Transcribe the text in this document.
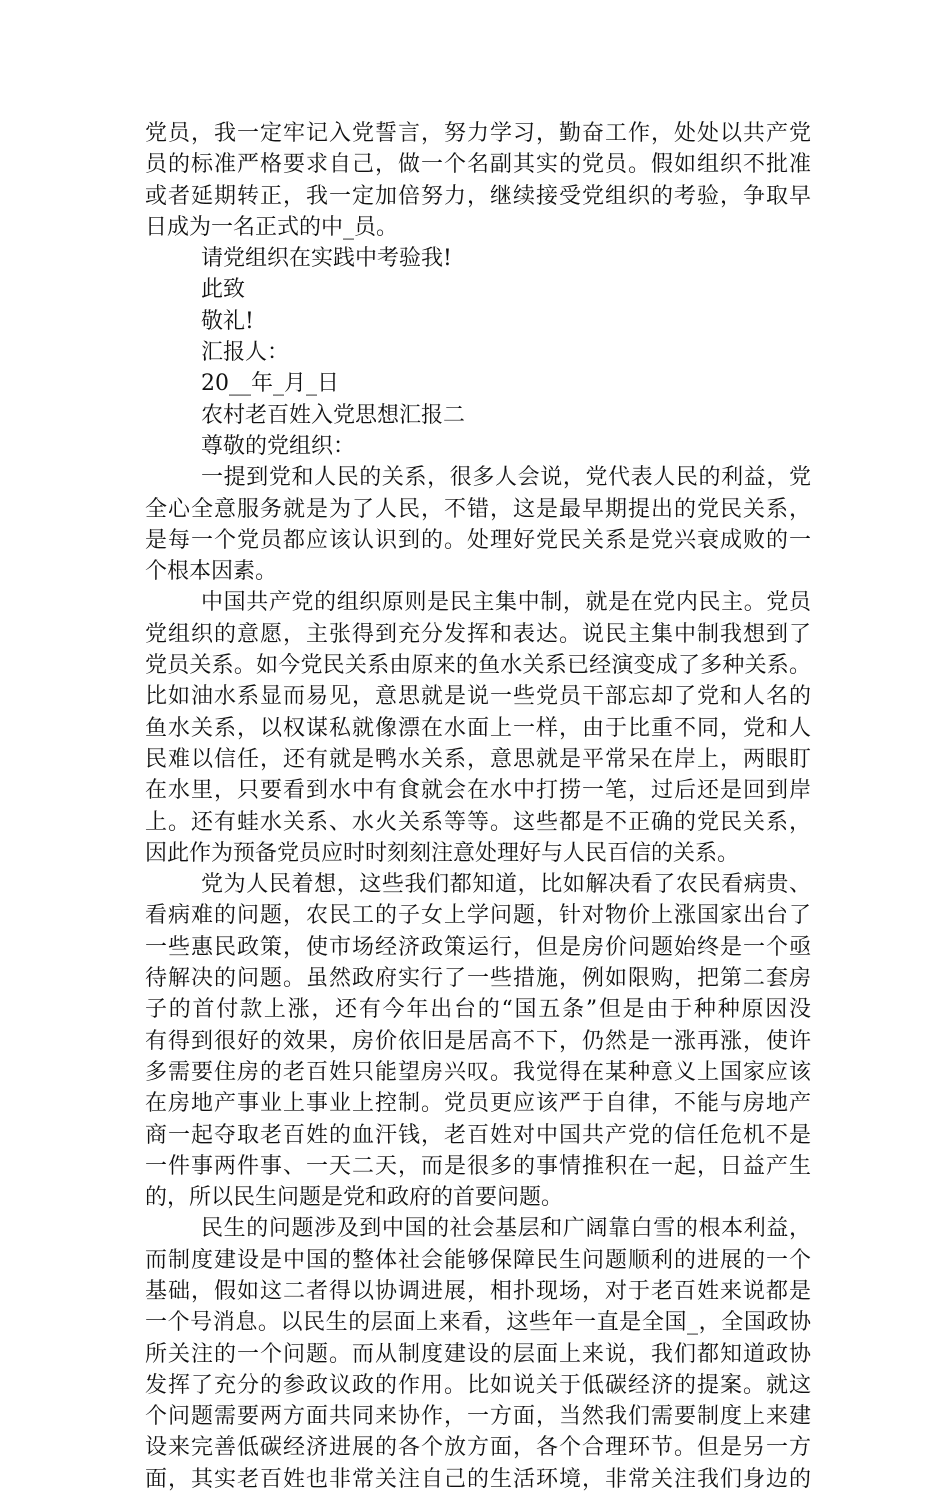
党员，我一定牢记入党誓言，努力学习，勤奋工作，处处以共产党
员的标准严格要求自己，做一个名副其实的党员。假如组织不批准
或者延期转正，我一定加倍努力，继续接受党组织的考验，争取早
日成为一名正式的中_员。
请党组织在实践中考验我!
此致
敬礼!
汇报人：
20__年_月_日
农村老百姓入党思想汇报二
尊敬的党组织：
一提到党和人民的关系，很多人会说，党代表人民的利益，党
全心全意服务就是为了人民，不错，这是最早期提出的党民关系，
是每一个党员都应该认识到的。处理好党民关系是党兴衰成败的一
个根本因素。
中国共产党的组织原则是民主集中制，就是在党内民主。党员
党组织的意愿，主张得到充分发挥和表达。说民主集中制我想到了
党员关系。如今党民关系由原来的鱼水关系已经演变成了多种关系。
比如油水系显而易见，意思就是说一些党员干部忘却了党和人名的
鱼水关系，以权谋私就像漂在水面上一样，由于比重不同，党和人
民难以信任，还有就是鸭水关系，意思就是平常呆在岸上，两眼盯
在水里，只要看到水中有食就会在水中打捞一笔，过后还是回到岸
上。还有蛙水关系、水火关系等等。这些都是不正确的党民关系，
因此作为预备党员应时时刻刻注意处理好与人民百信的关系。
党为人民着想，这些我们都知道，比如解决看了农民看病贵、
看病难的问题，农民工的子女上学问题，针对物价上涨国家出台了
一些惠民政策，使市场经济政策运行，但是房价问题始终是一个亟
待解决的问题。虽然政府实行了一些措施，例如限购，把第二套房
子的首付款上涨，还有今年出台的“国五条”但是由于种种原因没
有得到很好的效果，房价依旧是居高不下，仍然是一涨再涨，使许
多需要住房的老百姓只能望房兴叹。我觉得在某种意义上国家应该
在房地产事业上事业上控制。党员更应该严于自律，不能与房地产
商一起夺取老百姓的血汗钱，老百姓对中国共产党的信任危机不是
一件事两件事、一天二天，而是很多的事情推积在一起，日益产生
的，所以民生问题是党和政府的首要问题。
民生的问题涉及到中国的社会基层和广阔靠白雪的根本利益，
而制度建设是中国的整体社会能够保障民生问题顺利的进展的一个
基础，假如这二者得以协调进展，相扑现场，对于老百姓来说都是
一个号消息。以民生的层面上来看，这些年一直是全国_，全国政协
所关注的一个问题。而从制度建设的层面上来说，我们都知道政协
发挥了充分的参政议政的作用。比如说关于低碳经济的提案。就这
个问题需要两方面共同来协作，一方面，当然我们需要制度上来建
设来完善低碳经济进展的各个放方面，各个合理环节。但是另一方
面，其实老百姓也非常关注自己的生活环境，非常关注我们身边的
